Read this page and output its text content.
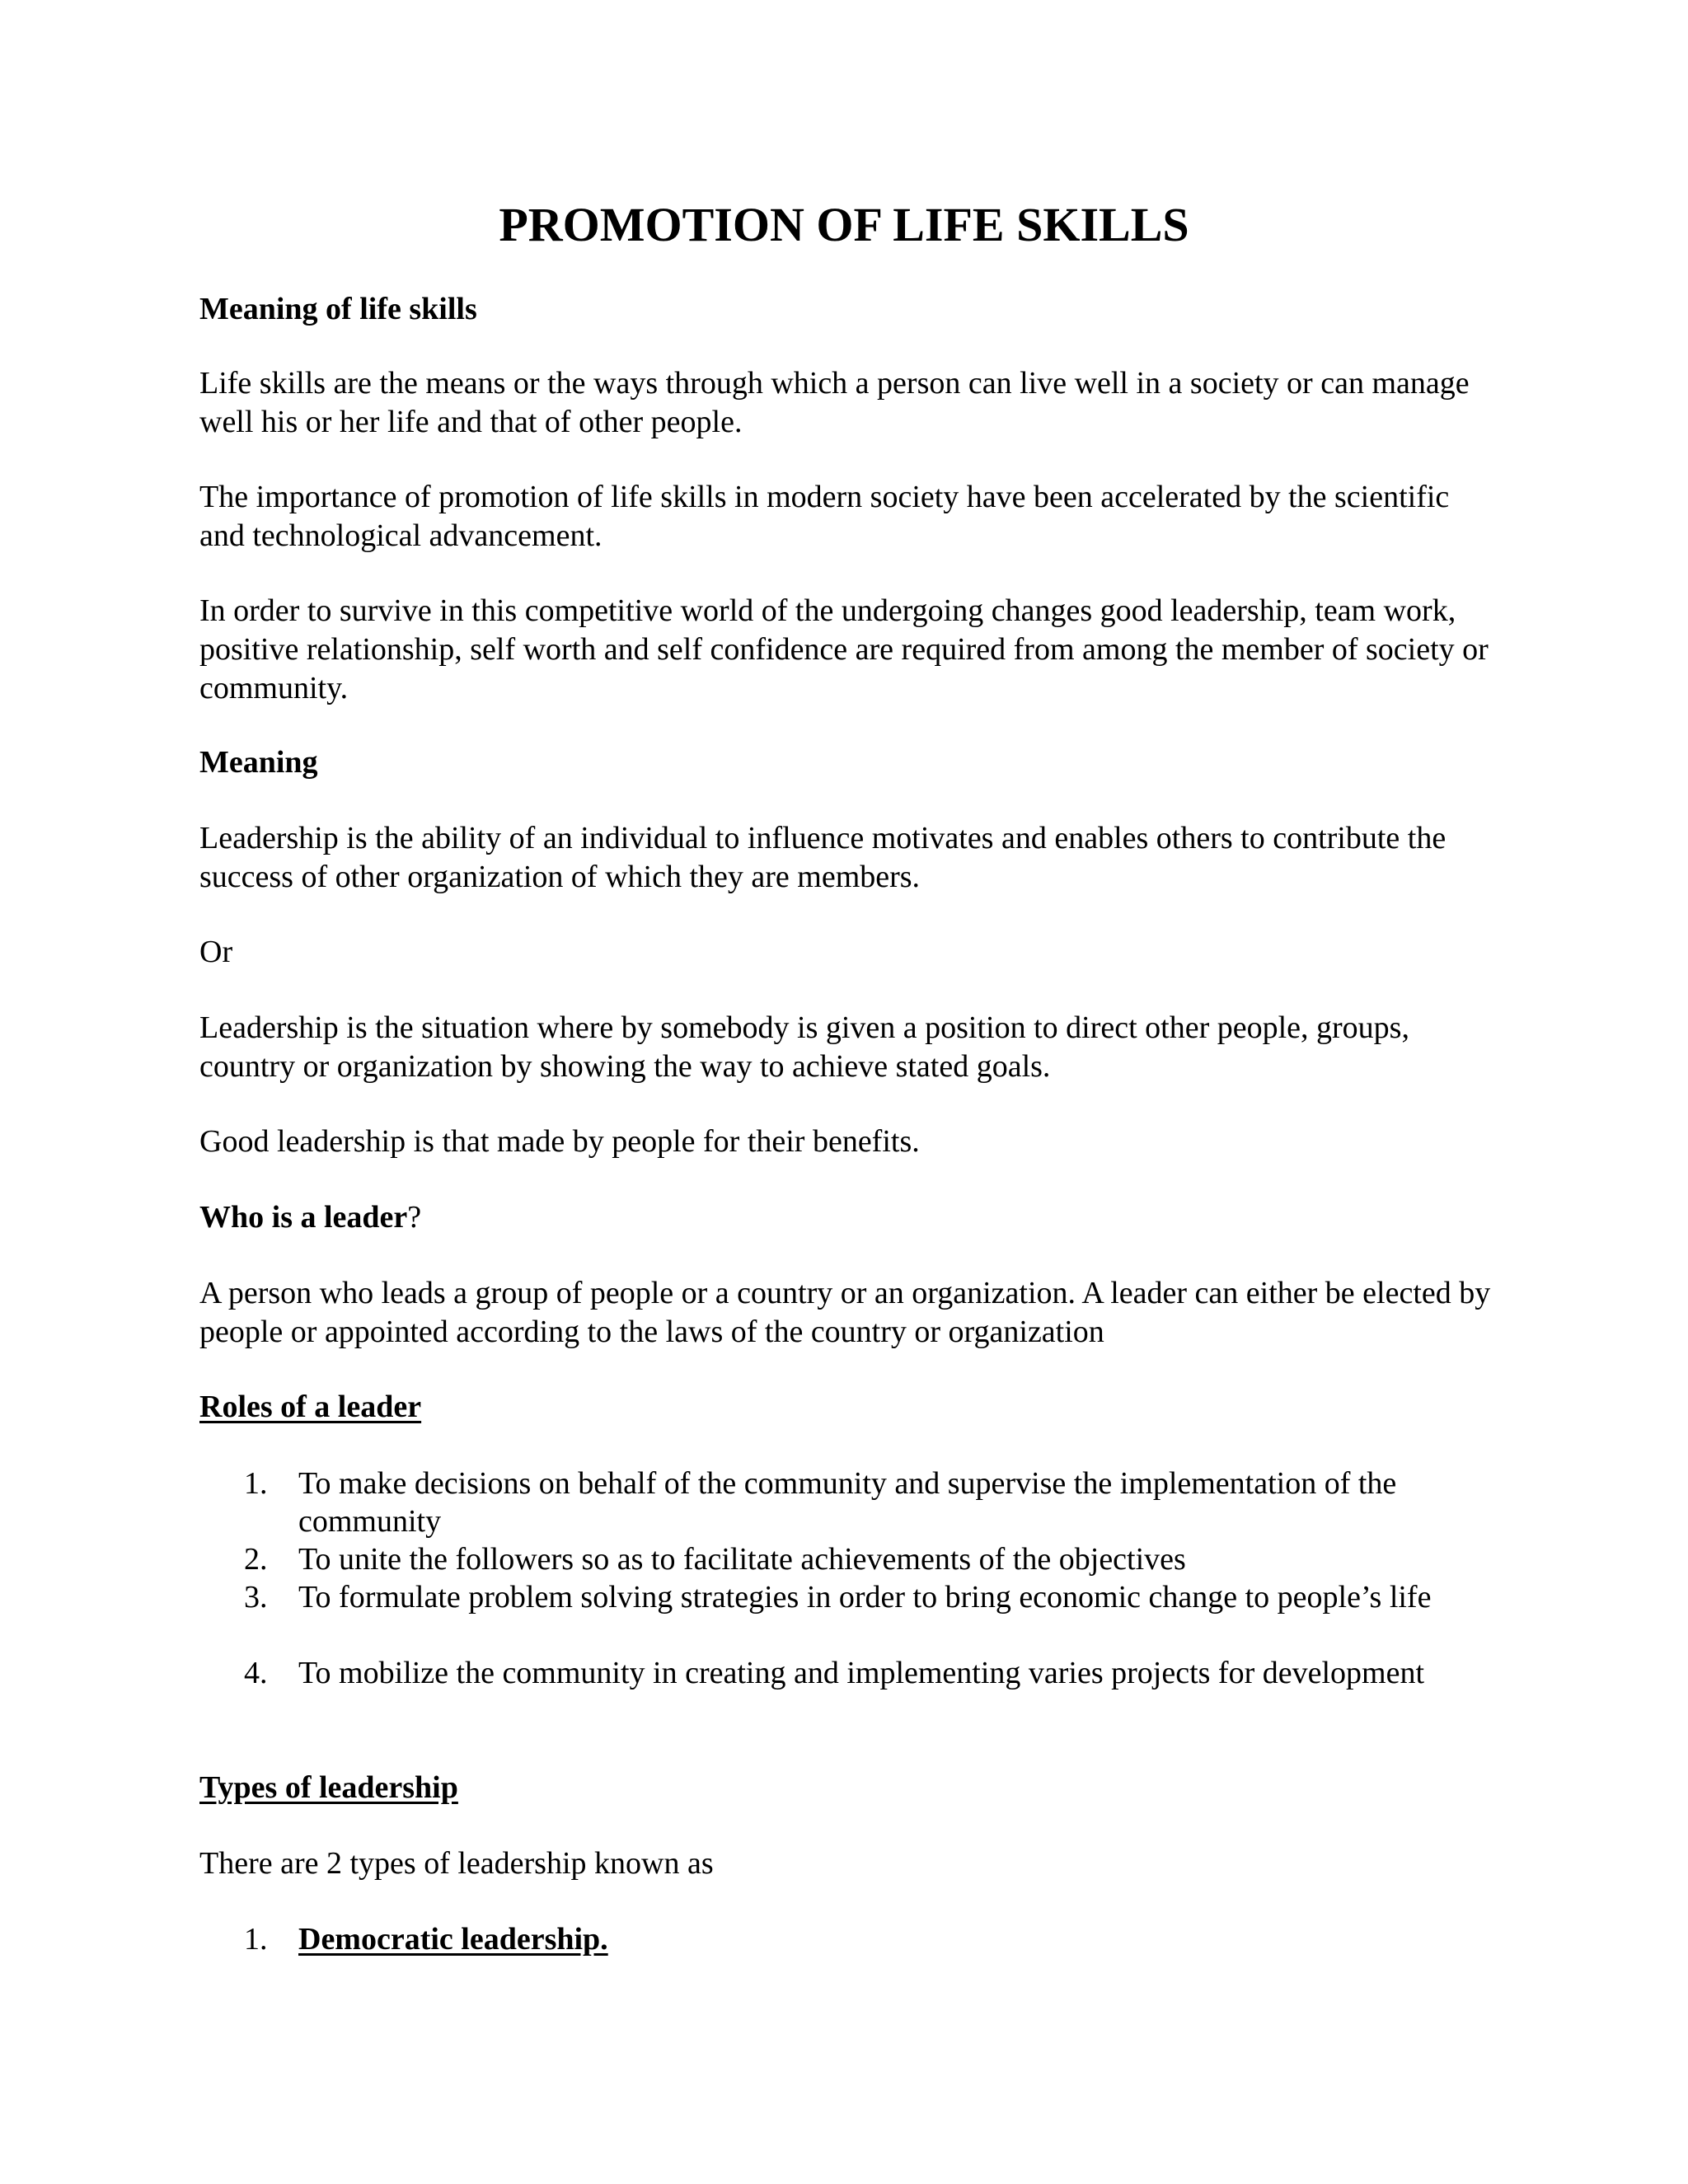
PROMOTION OF LIFE SKILLS

Meaning of life skills

Life skills are the means or the ways through which a person can live well in a society or can manage well his or her life and that of other people.

The importance of promotion of life skills in modern society have been accelerated by the scientific and technological advancement.

In order to survive in this competitive world of the undergoing changes good leadership, team work, positive relationship, self worth and self confidence are required from among the member of society or community.

Meaning

Leadership is the ability of an individual to influence motivates and enables others to contribute the success of other organization of which they are members.

Or

Leadership is the situation where by somebody is given a position to direct other people, groups, country or organization by showing the way to achieve stated goals.

Good leadership is that made by people for their benefits.

Who is a leader?

A person who leads a group of people or a country or an organization. A leader can either be elected by people or appointed according to the laws of the country or organization

Roles of a leader

1. To make decisions on behalf of the community and supervise the implementation of the community
2. To unite the followers so as to facilitate achievements of the objectives
3. To formulate problem solving strategies in order to bring economic change to people’s life
4. To mobilize the community in creating and implementing varies projects for development

Types of leadership

There are 2 types of leadership known as

1. Democratic leadership.
